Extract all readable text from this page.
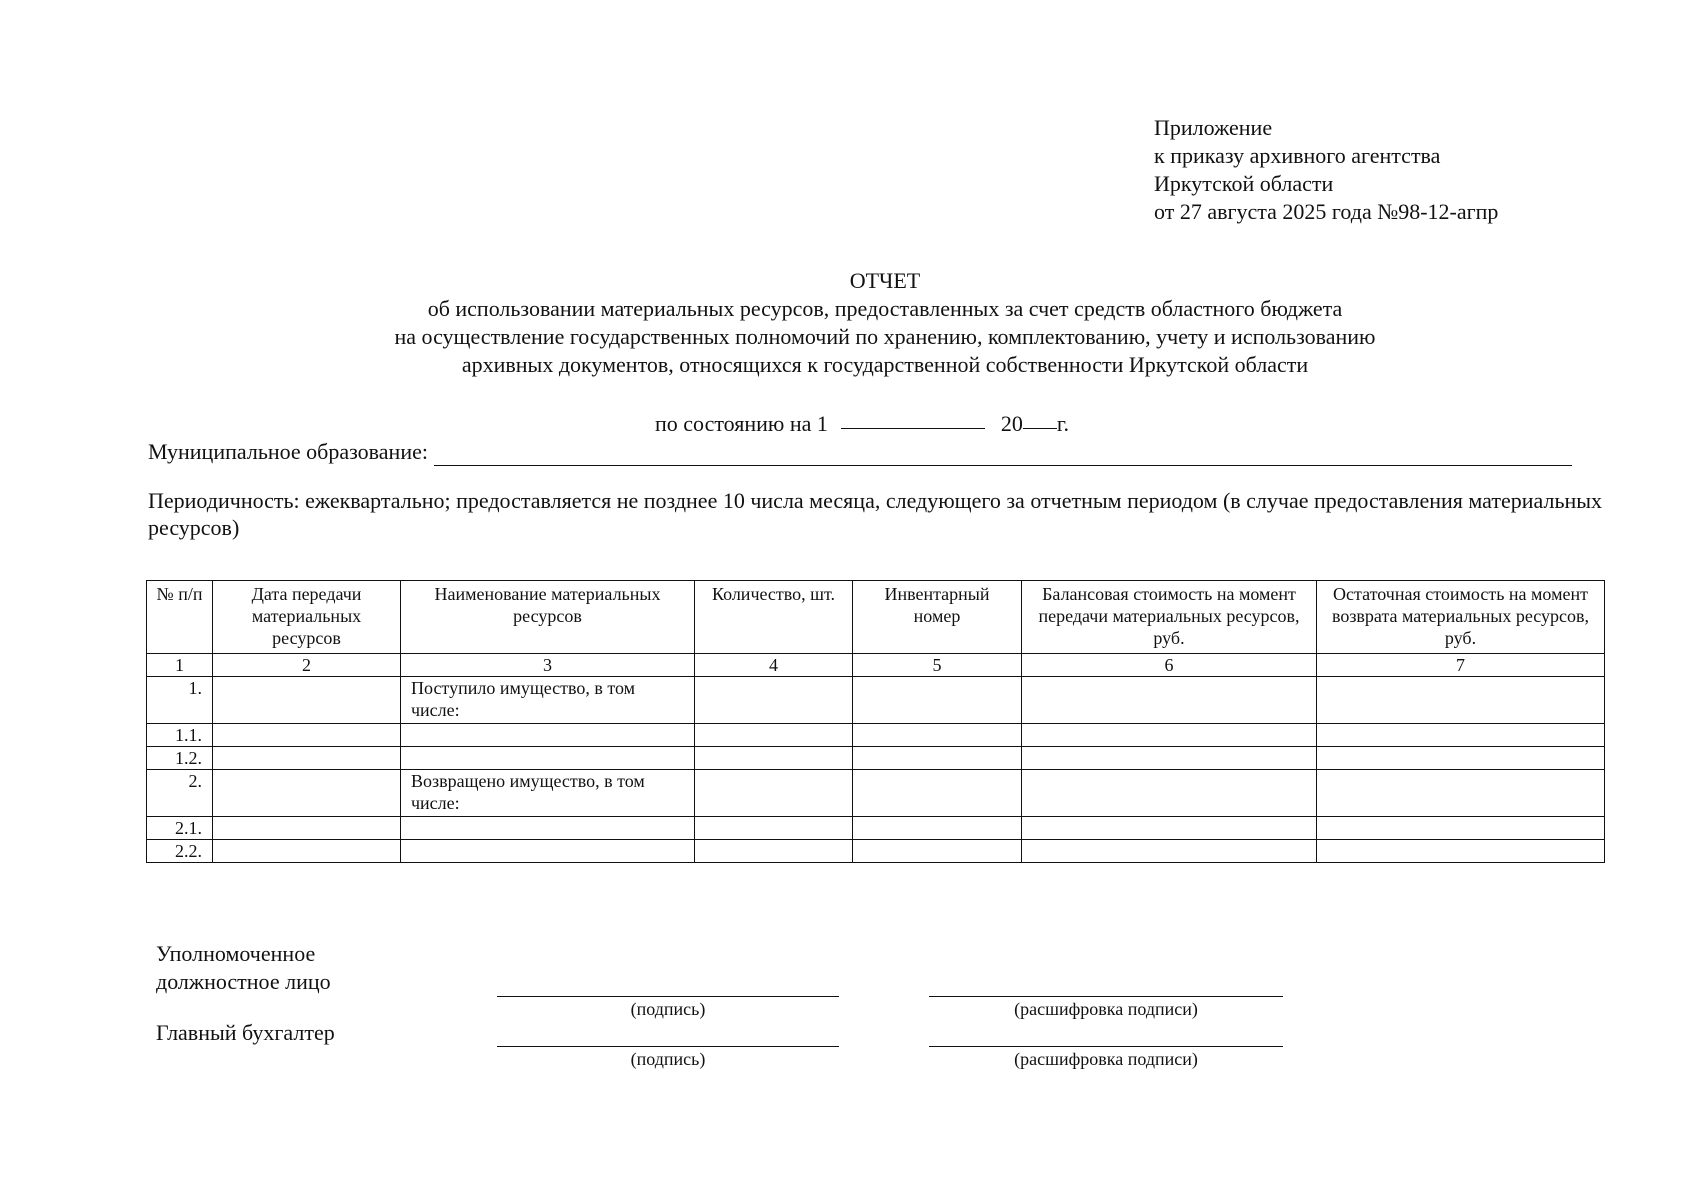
Приложение
к приказу архивного агентства
Иркутской области
от 27 августа 2025 года №98-12-агпр
ОТЧЕТ
об использовании материальных ресурсов, предоставленных за счет средств областного бюджета
на осуществление государственных полномочий по хранению, комплектованию, учету и использованию
архивных документов, относящихся к государственной собственности Иркутской области
по состоянию на 1	20 г.
Муниципальное образование:
Периодичность: ежеквартально; предоставляется не позднее 10 числа месяца, следующего за отчетным периодом (в случае предоставления материальных ресурсов)
№ п/п	Дата передачи материальных ресурсов	Наименование материальных ресурсов	Количество, шт.	Инвентарный номер	Балансовая стоимость на момент передачи материальных ресурсов, руб.	Остаточная стоимость на момент возврата материальных ресурсов, руб.
1	2	3	4	5	6	7
1.		Поступило имущество, в том числе:				
1.1.						
1.2.						
2.		Возвращено имущество, в том числе:				
2.1.						
2.2.						
Уполномоченное
должностное лицо
(подпись)	(расшифровка подписи)
Главный бухгалтер
(подпись)	(расшифровка подписи)
